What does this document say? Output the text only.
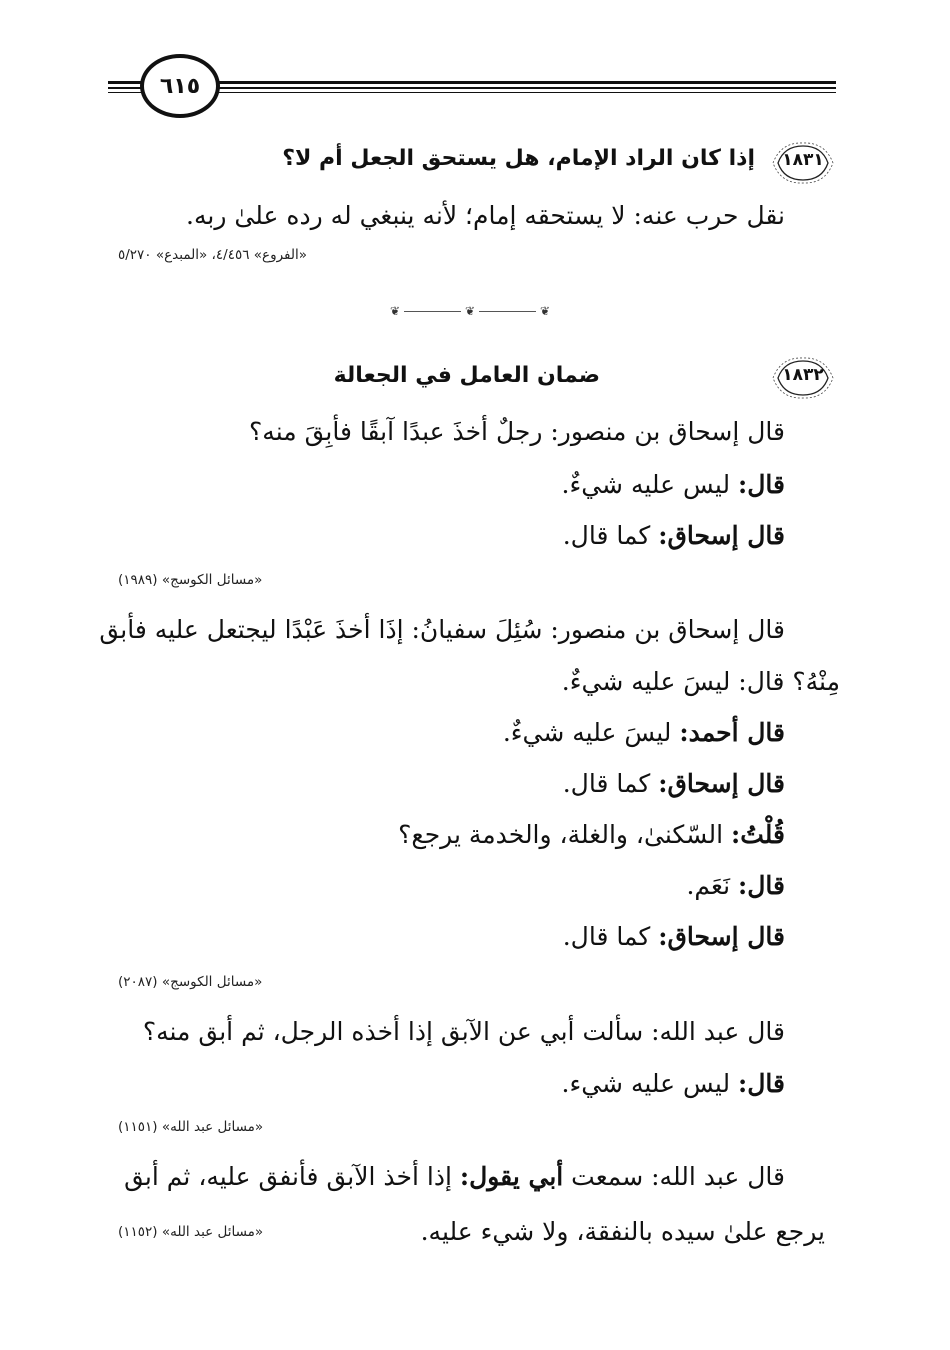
٦١٥
١٨٣١
إذا كان الراد الإمام، هل يستحق الجعل أم لا؟
نقل حرب عنه: لا يستحقه إمام؛ لأنه ينبغي له رده علىٰ ربه.
«الفروع» ٤/٤٥٦، «المبدع» ٥/٢٧٠
❦	❦	❦
١٨٣٢
ضمان العامل في الجعالة
قال إسحاق بن منصور: رجلٌ أخذَ عبدًا آبقًا فأبِقَ منه؟
قال: ليس عليه شيءٌ.
قال إسحاق: كما قال.
«مسائل الكوسج» (١٩٨٩)
قال إسحاق بن منصور: سُئِلَ سفيانُ: إذَا أخذَ عَبْدًا ليجتعل عليه فأبق
مِنْهُ؟ قال: ليسَ عليه شيءٌ.
قال أحمد: ليسَ عليه شيءٌ.
قال إسحاق: كما قال.
قُلْتُ: السّكنىٰ، والغلة، والخدمة يرجع؟
قال: نَعَم.
قال إسحاق: كما قال.
«مسائل الكوسج» (٢٠٨٧)
قال عبد الله: سألت أبي عن الآبق إذا أخذه الرجل، ثم أبق منه؟
قال: ليس عليه شيء.
«مسائل عبد الله» (١١٥١)
قال عبد الله: سمعت أبي يقول: إذا أخذ الآبق فأنفق عليه، ثم أبق
يرجع علىٰ سيده بالنفقة، ولا شيء عليه.
«مسائل عبد الله» (١١٥٢)
